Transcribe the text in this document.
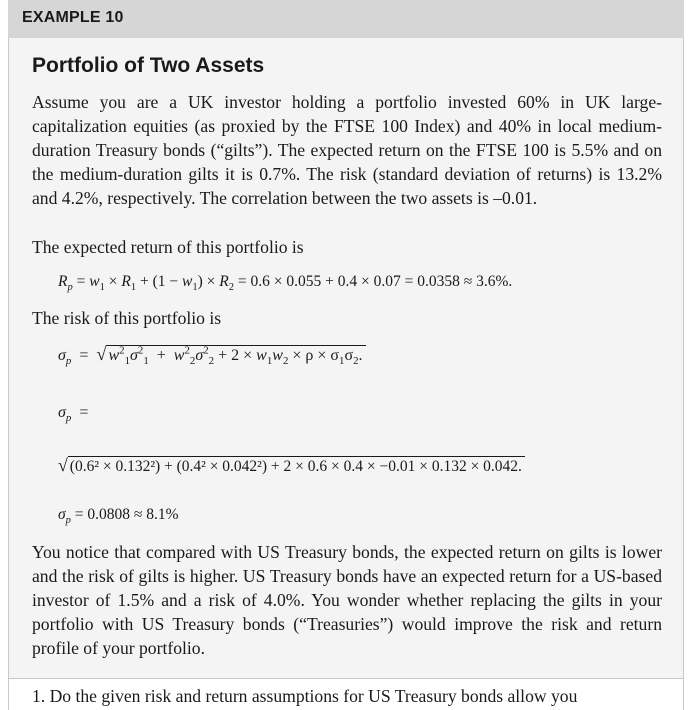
EXAMPLE 10
Portfolio of Two Assets
Assume you are a UK investor holding a portfolio invested 60% in UK large-capitalization equities (as proxied by the FTSE 100 Index) and 40% in local medium-duration Treasury bonds (“gilts”). The expected return on the FTSE 100 is 5.5% and on the medium-duration gilts it is 0.7%. The risk (standard deviation of returns) is 13.2% and 4.2%, respectively. The correlation between the two assets is –0.01.
The expected return of this portfolio is
$R_p = w_1 \times R_1 + (1 - w_1) \times R_2 = 0.6 \times 0.055 + 0.4 \times 0.07 = 0.0358 \approx 3.6\%$.
The risk of this portfolio is
$\sigma_p$  =  √ $w^2_1\sigma^2_1 + w^2_2\sigma^2_2 + 2 \times w_1w_2 \times \rho \times \sigma_1\sigma_2$.
$\sigma_p$  =
√ (0.6² × 0.132²) + (0.4² × 0.042²) + 2 × 0.6 × 0.4 × −0.01 × 0.132 × 0.042.
$\sigma_p = 0.0808 \approx 8.1\%$
You notice that compared with US Treasury bonds, the expected return on gilts is lower and the risk of gilts is higher. US Treasury bonds have an expected return for a US-based investor of 1.5% and a risk of 4.0%. You wonder whether replacing the gilts in your portfolio with US Treasury bonds (“Treasuries”) would improve the risk and return profile of your portfolio.
1. Do the given risk and return assumptions for US Treasury bonds allow you
